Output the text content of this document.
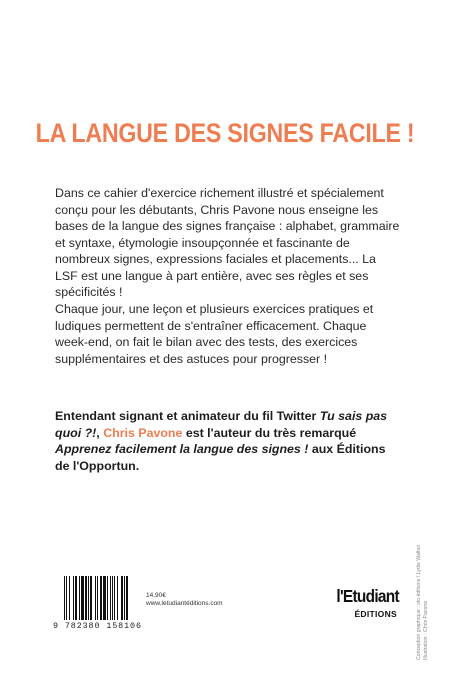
LA LANGUE DES SIGNES FACILE !

Dans ce cahier d'exercice richement illustré et spécialement conçu pour les débutants, Chris Pavone nous enseigne les bases de la langue des signes française : alphabet, grammaire et syntaxe, étymologie insoupçonnée et fascinante de nombreux signes, expressions faciales et placements... La LSF est une langue à part entière, avec ses règles et ses spécificités !

Chaque jour, une leçon et plusieurs exercices pratiques et ludiques permettent de s'entraîner efficacement. Chaque week-end, on fait le bilan avec des tests, des exercices supplémentaires et des astuces pour progresser !

Entendant signant et animateur du fil Twitter Tu sais pas quoi ?!, Chris Pavone est l'auteur du très remarqué Apprenez facilement la langue des signes ! aux Éditions de l'Opportun.

Conception graphique : olo.éditions / Lydie Walton Illustration : Chris Pavone
9 782380 158106
14,90€
www.letudiantéditions.com	l'Etudiant
ÉDITIONS
